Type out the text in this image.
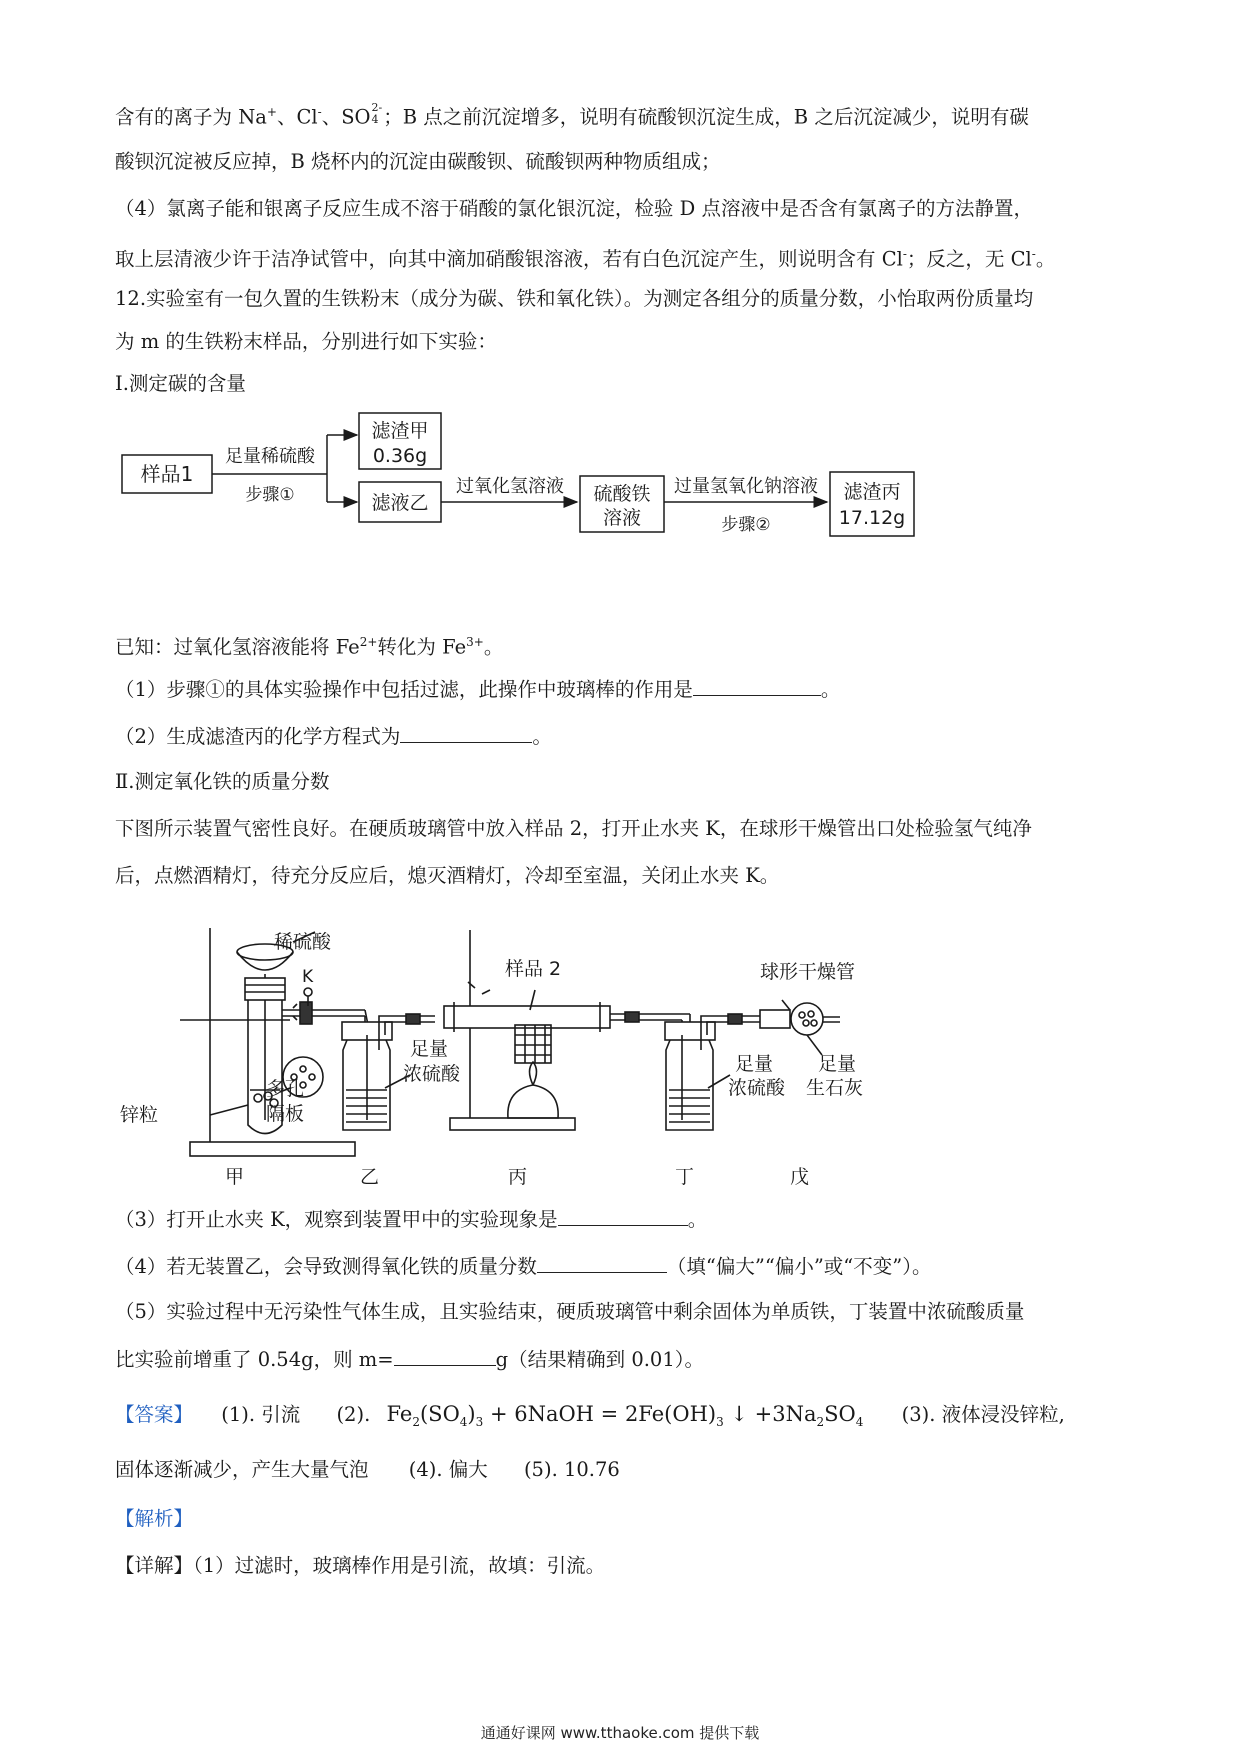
含有的离子为 Na+、Cl-、SO 2-
4 ；B 点之前沉淀增多，说明有硫酸钡沉淀生成，B 之后沉淀减少，说明有碳
酸钡沉淀被反应掉，B 烧杯内的沉淀由碳酸钡、硫酸钡两种物质组成；
（4）氯离子能和银离子反应生成不溶于硝酸的氯化银沉淀，检验 D 点溶液中是否含有氯离子的方法静置，
取上层清液少许于洁净试管中，向其中滴加硝酸银溶液，若有白色沉淀产生，则说明含有 Cl-；反之，无 Cl-。
12.实验室有一包久置的生铁粉末（成分为碳、铁和氧化铁）。为测定各组分的质量分数，小怡取两份质量均
为 m 的生铁粉末样品，分别进行如下实验：
Ⅰ.测定碳的含量
样品1
足量稀硫酸
步骤①
滤渣甲
0.36g
滤液乙
过氧化氢溶液 硫酸铁
溶液
过量氢氧化钠溶液
步骤②
滤渣丙
17.12g
已知：过氧化氢溶液能将 $Fe^{2+}$转化为 $Fe^{3+}$。
（1）步骤①的具体实验操作中包括过滤，此操作中玻璃棒的作用是	。
（2）生成滤渣丙的化学方程式为	。
Ⅱ.测定氧化铁的质量分数
下图所示装置气密性良好。在硬质玻璃管中放入样品 2，打开止水夹 K，在球形干燥管出口处检验氢气纯净
后，点燃酒精灯，待充分反应后，熄灭酒精灯，冷却至室温，关闭止水夹 K。
稀硫酸
K	样品 2	球形干燥管
锌粒
多孔
隔板
足量
浓硫酸	足量
浓硫酸
足量
生石灰
甲	乙	丙	丁	戊
（3）打开止水夹 K，观察到装置甲中的实验现象是	。
（4）若无装置乙，会导致测得氧化铁的质量分数	（填“偏大”“偏小”或“不变”）。
（5）实验过程中无污染性气体生成，且实验结束，硬质玻璃管中剩余固体为单质铁，丁装置中浓硫酸质量
比实验前增重了 0.54g，则 m=	g（结果精确到 0.01）。
【答案】 (1). 引流 (2). $Fe_2(SO_4)_3$ + 6NaOH = $2Fe(OH)_3$ ↓ $+3Na_2SO_4$ (3). 液体浸没锌粒,
固体逐渐减少，产生大量气泡 (4). 偏大 (5). 10.76
【解析】
【详解】（1）过滤时，玻璃棒作用是引流，故填：引流。
通通好课网 www.tthaoke.com 提供下载
